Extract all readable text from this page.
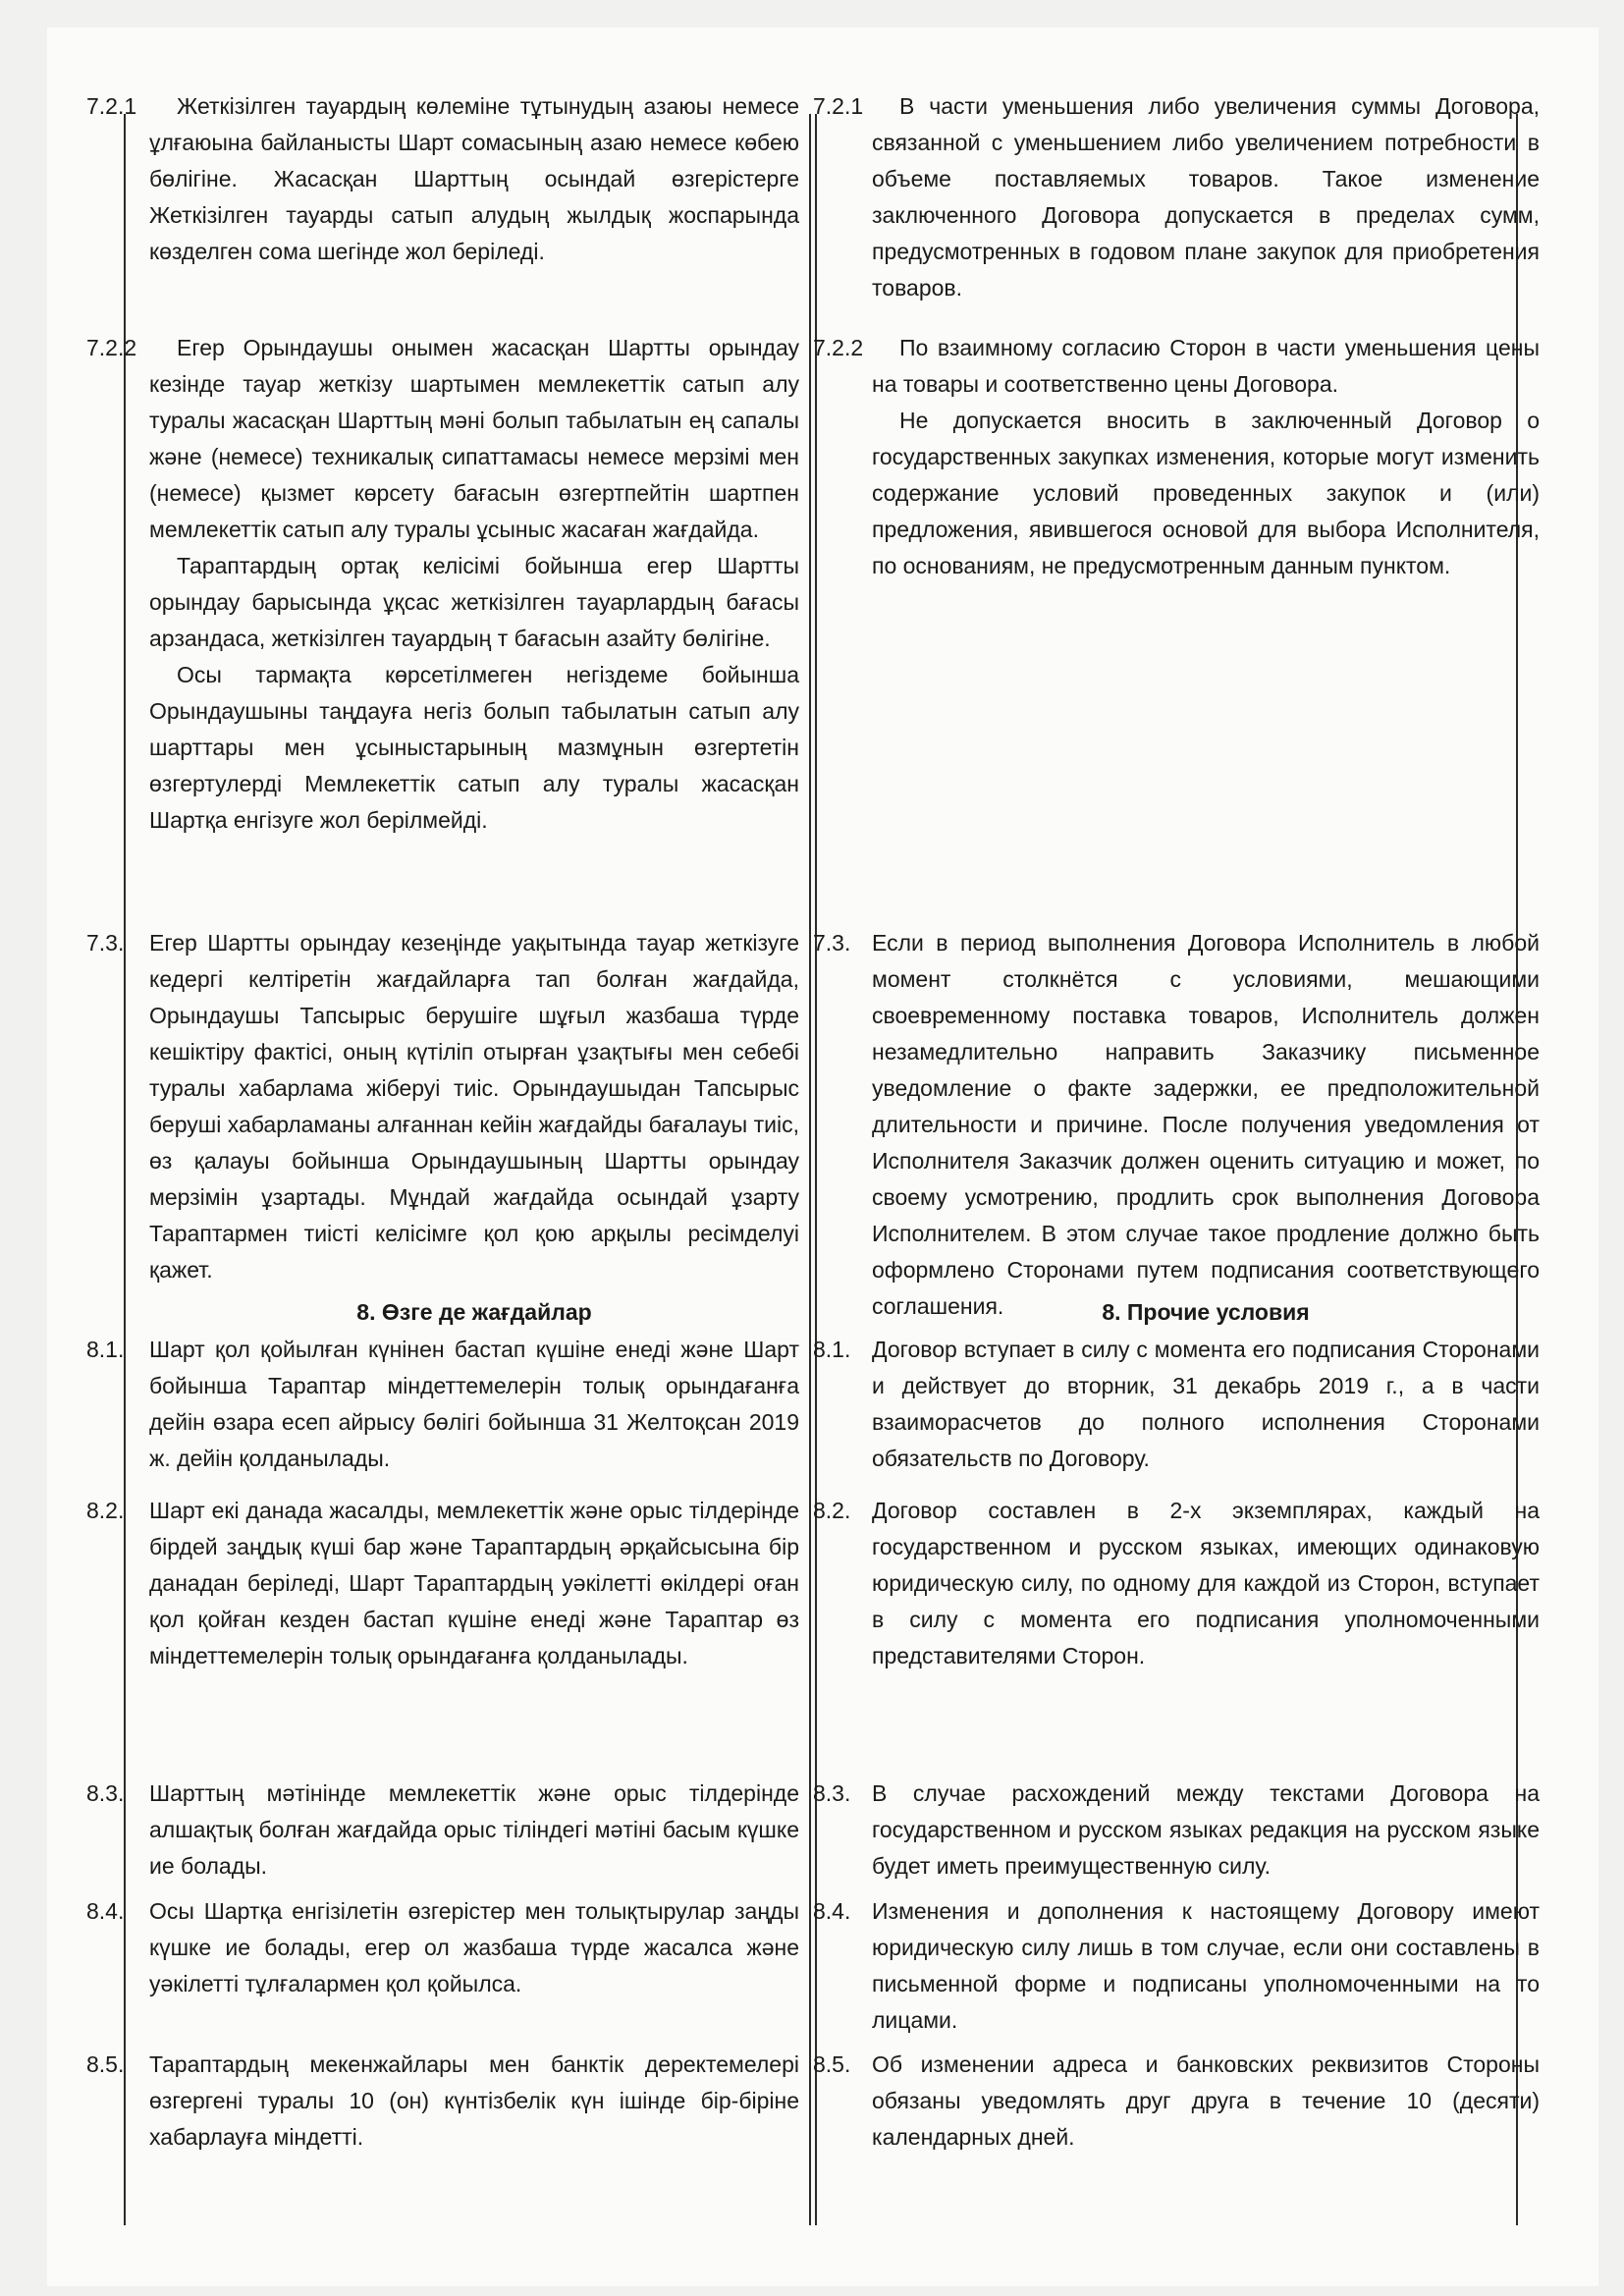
7.2.1	Жеткізілген тауардың көлеміне тұтынудың азаюы немесе ұлғаюына байланысты Шарт сомасының азаю немесе көбею бөлігіне. Жасасқан Шарттың осындай өзгерістерге Жеткізілген тауарды сатып алудың жылдық жоспарында көзделген сома шегінде жол беріледі.

7.2.2	Егер Орындаушы онымен жасасқан Шартты орындау кезінде тауар жеткізу шартымен мемлекеттік сатып алу туралы жасасқан Шарттың мәні болып табылатын ең сапалы және (немесе) техникалық сипаттамасы немесе мерзімі мен (немесе) қызмет көрсету бағасын өзгертпейтін шартпен мемлекеттік сатып алу туралы ұсыныс жасаған жағдайда.

Тараптардың ортақ келісімі бойынша егер Шартты орындау барысында ұқсас жеткізілген тауарлардың бағасы арзандаса, жеткізілген тауардың т бағасын азайту бөлігіне.

Осы тармақта көрсетілмеген негіздеме бойынша Орындаушыны таңдауға негіз болып табылатын сатып алу шарттары мен ұсыныстарының мазмұнын өзгертетін өзгертулерді Мемлекеттік сатып алу туралы жасасқан Шартқа енгізуге жол берілмейді.

7.3. Егер Шартты орындау кезеңінде уақытында тауар жеткізуге кедергі келтіретін жағдайларға тап болған жағдайда, Орындаушы Тапсырыс берушіге шұғыл жазбаша түрде кешіктіру фактісі, оның күтіліп отырған ұзақтығы мен себебі туралы хабарлама жіберуі тиіс. Орындаушыдан Тапсырыс беруші хабарламаны алғаннан кейін жағдайды бағалауы тиіс, өз қалауы бойынша Орындаушының Шартты орындау мерзімін ұзартады. Мұндай жағдайда осындай ұзарту Тараптармен тиісті келісімге қол қою арқылы ресімделуі қажет.

8. Өзге де жағдайлар
8.1. Шарт қол қойылған күнінен бастап күшіне енеді және Шарт бойынша Тараптар міндеттемелерін толық орындағанға дейін өзара есеп айрысу бөлігі бойынша 31 Желтоқсан 2019 ж. дейін қолданылады.

8.2. Шарт екі данада жасалды, мемлекеттік және орыс тілдерінде бірдей заңдық күші бар және Тараптардың әрқайсысына бір данадан беріледі, Шарт Тараптардың уәкілетті өкілдері оған қол қойған кезден бастап күшіне енеді және Тараптар өз міндеттемелерін толық орындағанға қолданылады.

8.3. Шарттың мәтінінде мемлекеттік және орыс тілдерінде алшақтық болған жағдайда орыс тіліндегі мәтіні басым күшке ие болады.

8.4. Осы Шартқа енгізілетін өзгерістер мен толықтырулар заңды күшке ие болады, егер ол жазбаша түрде жасалса және уәкілетті тұлғалармен қол қойылса.

8.5. Тараптардың мекенжайлары мен банктік деректемелері өзгергені туралы 10 (он) күнтізбелік күн ішінде бір-біріне хабарлауға міндетті.

7.2.1	В части уменьшения либо увеличения суммы Договора, связанной с уменьшением либо увеличением потребности в объеме поставляемых товаров. Такое изменение заключенного Договора допускается в пределах сумм, предусмотренных в годовом плане закупок для приобретения товаров.

7.2.2	По взаимному согласию Сторон в части уменьшения цены на товары и соответственно цены Договора.

Не допускается вносить в заключенный Договор о государственных закупках изменения, которые могут изменить содержание условий проведенных закупок и (или) предложения, явившегося основой для выбора Исполнителя, по основаниям, не предусмотренным данным пунктом.

7.3. Если в период выполнения Договора Исполнитель в любой момент столкнётся с условиями, мешающими своевременному поставка товаров, Исполнитель должен незамедлительно направить Заказчику письменное уведомление о факте задержки, ее предположительной длительности и причине. После получения уведомления от Исполнителя Заказчик должен оценить ситуацию и может, по своему усмотрению, продлить срок выполнения Договора Исполнителем. В этом случае такое продление должно быть оформлено Сторонами путем подписания соответствующего соглашения.	8. Прочие условия
8.1. Договор вступает в силу с момента его подписания Сторонами и действует до вторник, 31 декабрь 2019 г., а в части взаиморасчетов до полного исполнения Сторонами обязательств по Договору.

8.2. Договор составлен в 2-х экземплярах, каждый на государственном и русском языках, имеющих одинаковую юридическую силу, по одному для каждой из Сторон, вступает в силу с момента его подписания уполномоченными представителями Сторон.

8.3. В случае расхождений между текстами Договора на государственном и русском языках редакция на русском языке будет иметь преимущественную силу.

8.4. Изменения и дополнения к настоящему Договору имеют юридическую силу лишь в том случае, если они составлены в письменной форме и подписаны уполномоченными на то лицами.

8.5. Об изменении адреса и банковских реквизитов Стороны обязаны уведомлять друг друга в течение 10 (десяти) календарных дней.
